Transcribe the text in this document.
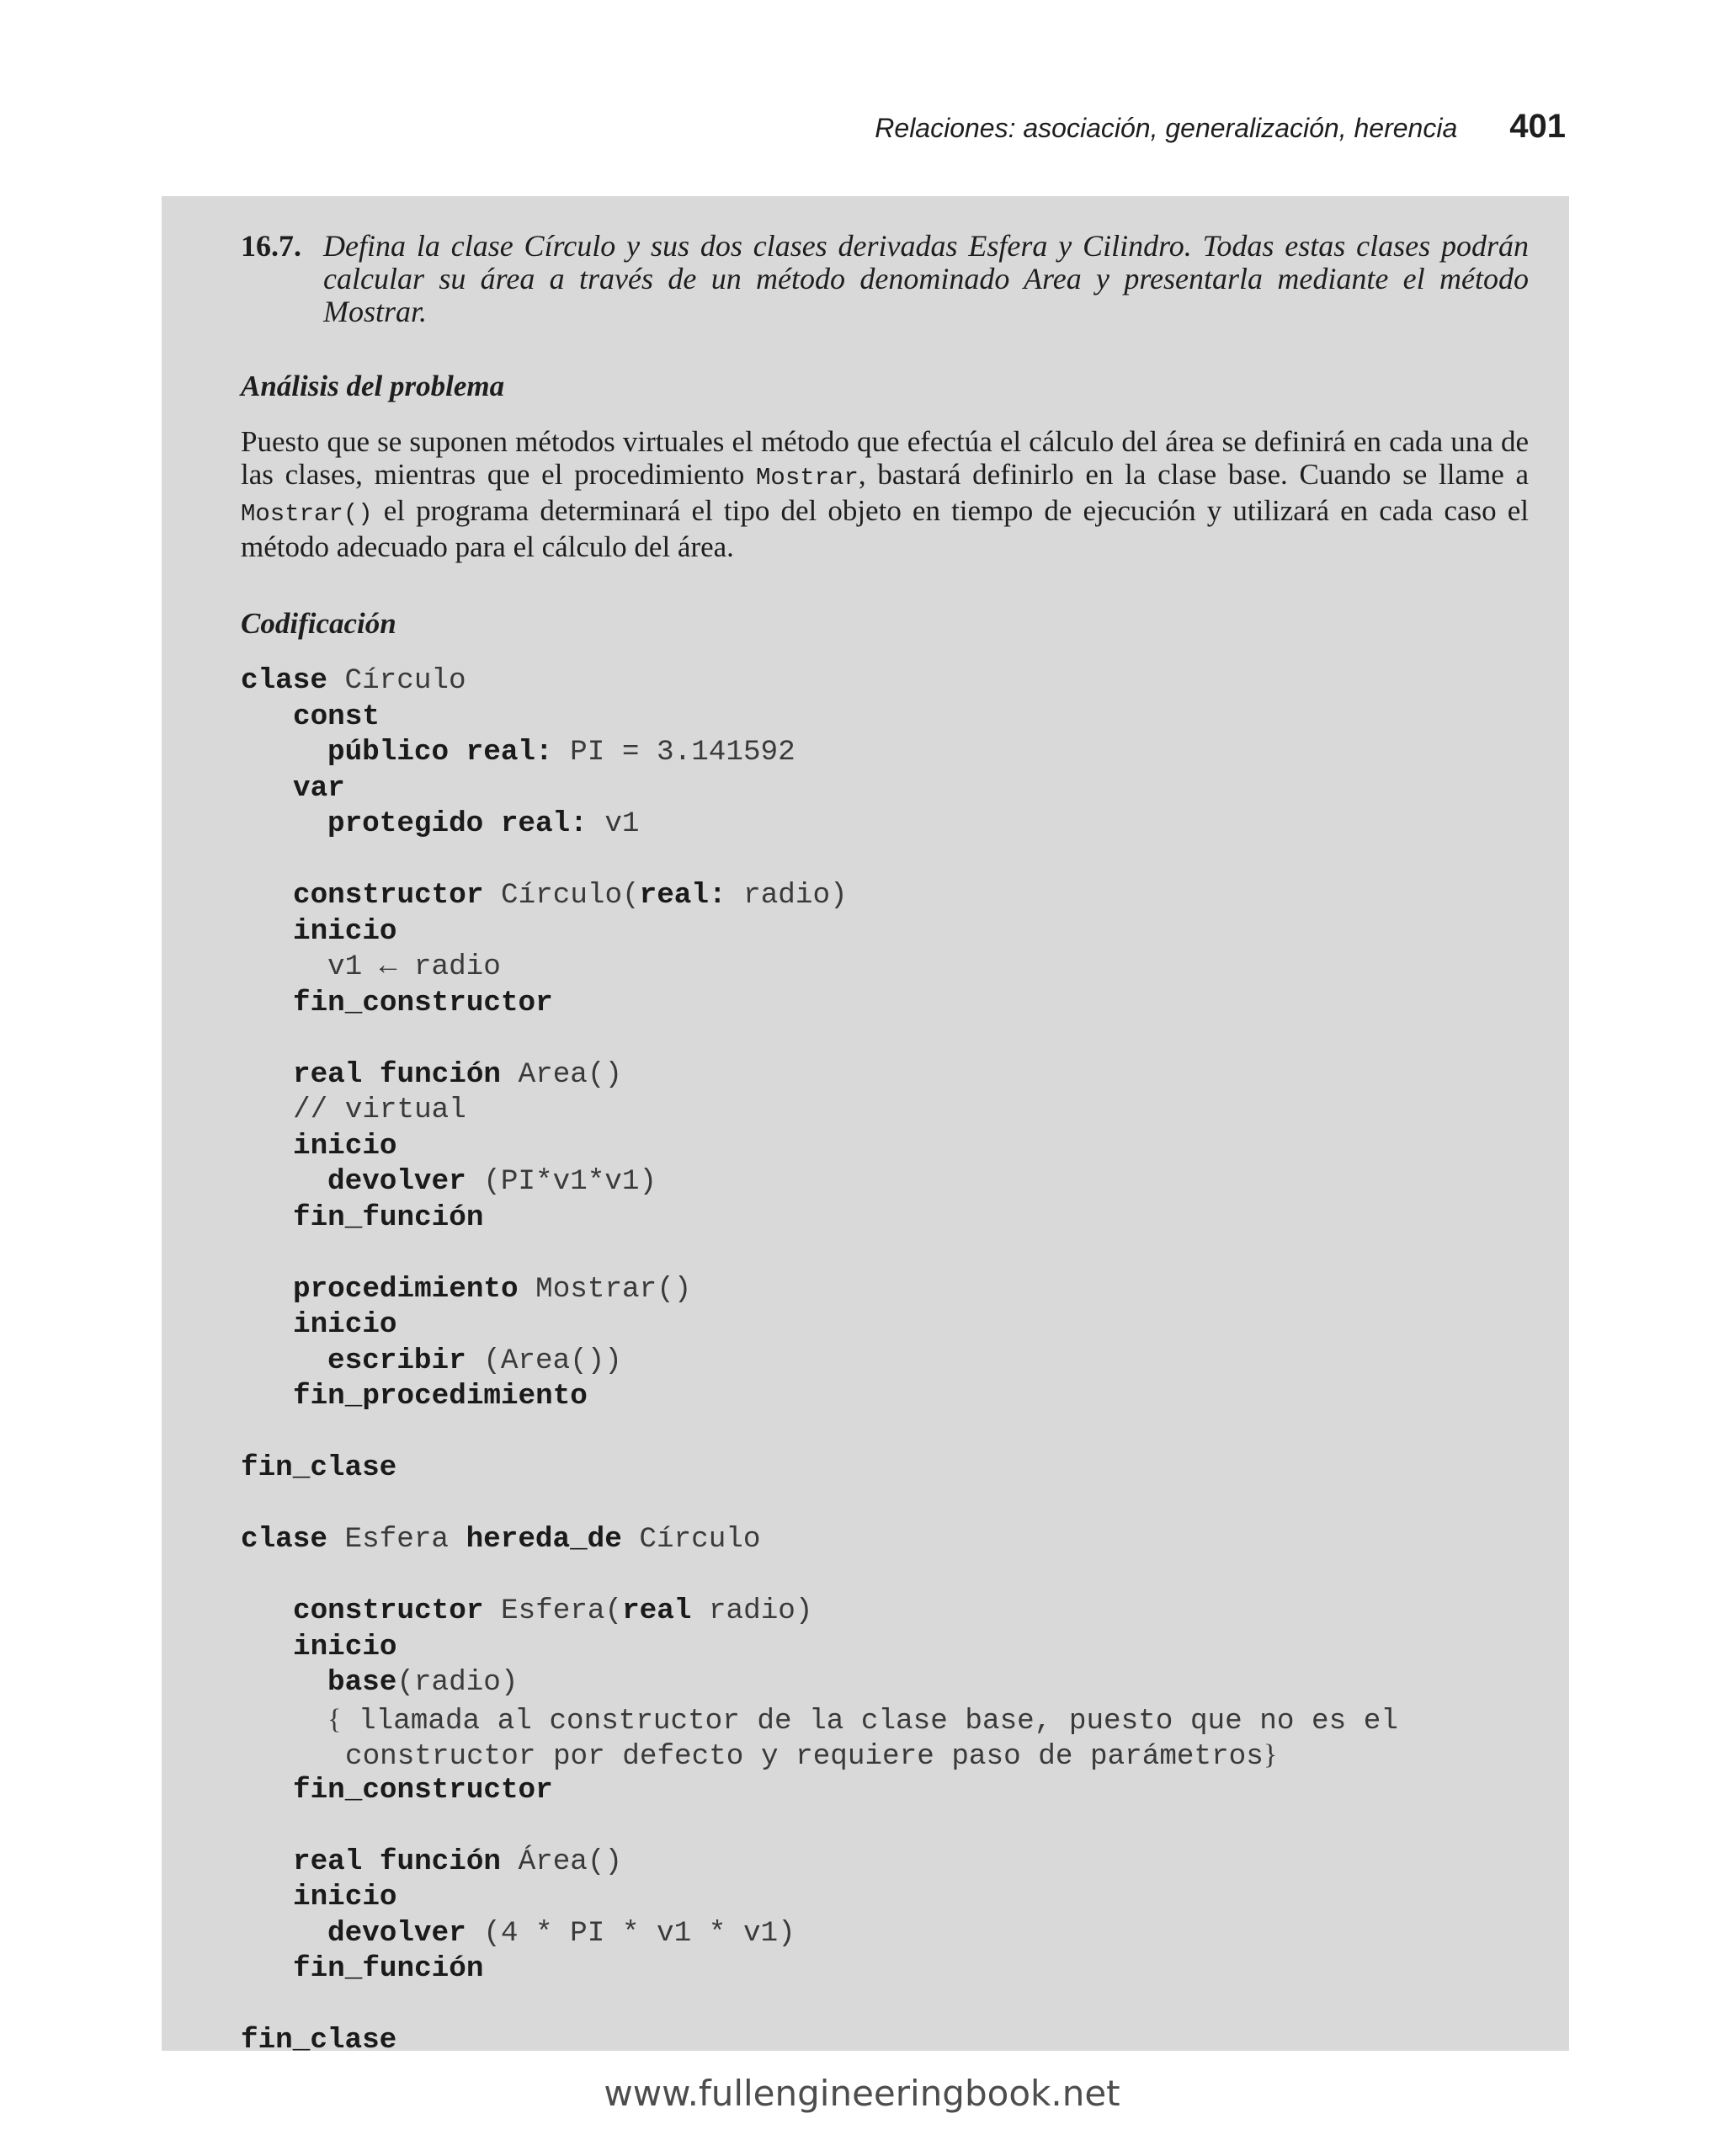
Relaciones: asociación, generalización, herencia 401
16.7. Defina la clase Círculo y sus dos clases derivadas Esfera y Cilindro. Todas estas clases podrán calcular su área a través de un método denominado Area y presentarla mediante el método Mostrar.
Análisis del problema
Puesto que se suponen métodos virtuales el método que efectúa el cálculo del área se definirá en cada una de las clases, mientras que el procedimiento Mostrar, bastará definirlo en la clase base. Cuando se llame a Mostrar() el programa determinará el tipo del objeto en tiempo de ejecución y utilizará en cada caso el método adecuado para el cálculo del área.
Codificación
clase Círculo
const
público real: PI = 3.141592
var
protegido real: v1
constructor Círculo(real: radio)
inicio
v1 ← radio
fin_constructor
real función Area()
// virtual
inicio
devolver (PI*v1*v1)
fin_función
procedimiento Mostrar()
inicio
escribir (Area())
fin_procedimiento
fin_clase
clase Esfera hereda_de Círculo
constructor Esfera(real radio)
inicio
base(radio)
{ llamada al constructor de la clase base, puesto que no es el
constructor por defecto y requiere paso de parámetros}
fin_constructor
real función Área()
inicio
devolver (4 * PI * v1 * v1)
fin_función
fin_clase
www.fullengineeringbook.net
